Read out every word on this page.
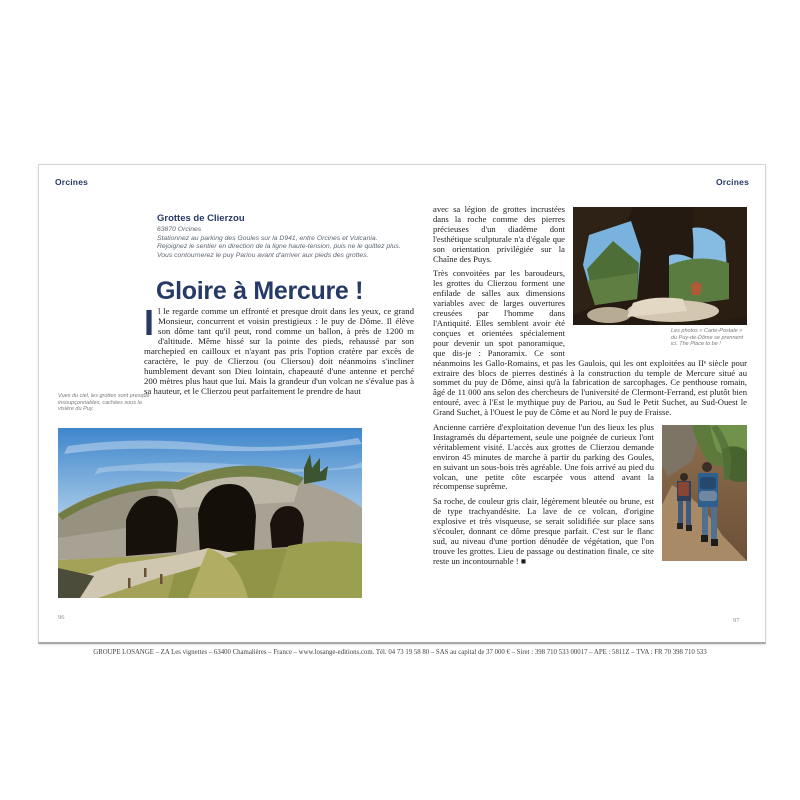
Orcines
Grottes de Clierzou
63870 Orcines
Stationnez au parking des Goules sur la D941, entre Orcines et Vulcania.
Rejoignez le sentier en direction de la ligne haute-tension, puis ne le quittez plus.
Vous contournerez le puy Pariou avant d'arriver aux pieds des grottes.
Gloire à Mercure !
Il le regarde comme un effronté et presque droit dans les yeux, ce grand Monsieur, concurrent et voisin prestigieux : le puy de Dôme. Il élève son dôme tant qu'il peut, rond comme un ballon, à près de 1200 m d'altitude. Même hissé sur la pointe des pieds, rehaussé par son marchepied en cailloux et n'ayant pas pris l'option cratère par excès de caractère, le puy de Clierzou (ou Cliersou) doit néanmoins s'incliner humblement devant son Dieu lointain, chapeauté d'une antenne et perché 200 mètres plus haut que lui. Mais la grandeur d'un volcan ne s'évalue pas à sa hauteur, et le Clierzou peut parfaitement le prendre de haut
Vues du ciel, les grottes sont presque insoupçonnables, cachées sous la visière du Puy.
96
Orcines
Les photos « Carte-Postale » du Puy-de-Dôme se prennent ici. The Place to be !

avec sa légion de grottes incrustées dans la roche comme des pierres précieuses d'un diadème dont l'esthétique sculpturale n'a d'égale que son orientation privilégiée sur la Chaîne des Puys.

Très convoitées par les baroudeurs, les grottes du Clierzou forment une enfilade de salles aux dimensions variables avec de larges ouvertures creusées par l'homme dans l'Antiquité. Elles semblent avoir été conçues et orientées spécialement pour devenir un spot panoramique, que dis-je : Panoramix. Ce sont néanmoins les Gallo-Romains, et pas les Gaulois, qui les ont exploitées au IIᵉ siècle pour extraire des blocs de pierres destinés à la construction du temple de Mercure situé au sommet du puy de Dôme, ainsi qu'à la fabrication de sarcophages. Ce penthouse romain, âgé de 11 000 ans selon des chercheurs de l'université de Clermont-Ferrand, est plutôt bien entouré, avec à l'Est le mythique puy de Pariou, au Sud le Petit Suchet, au Sud-Ouest le Grand Suchet, à l'Ouest le puy de Côme et au Nord le puy de Fraisse.

Ancienne carrière d'exploitation devenue l'un des lieux les plus Instagramés du département, seule une poignée de curieux l'ont véritablement visité. L'accès aux grottes de Clierzou demande environ 45 minutes de marche à partir du parking des Goules, en suivant un sous-bois très agréable. Une fois arrivé au pied du volcan, une petite côte escarpée vous attend avant la récompense suprême.

Sa roche, de couleur gris clair, légèrement bleutée ou brune, est de type trachyandésite. La lave de ce volcan, d'origine explosive et très visqueuse, se serait solidifiée sur place sans s'écouler, donnant ce dôme presque parfait. C'est sur le flanc sud, au niveau d'une portion dénudée de végétation, que l'on trouve les grottes. Lieu de passage ou destination finale, ce site reste un incontournable ! ■

97
GROUPE LOSANGE – ZA Les vignettes – 63400 Chamalières – France – www.losange-editions.com. Tél. 04 73 19 58 80 – SAS au capital de 37 000 € – Siret : 398 710 533 00017 – APE : 5811Z – TVA : FR 70 398 710 533
